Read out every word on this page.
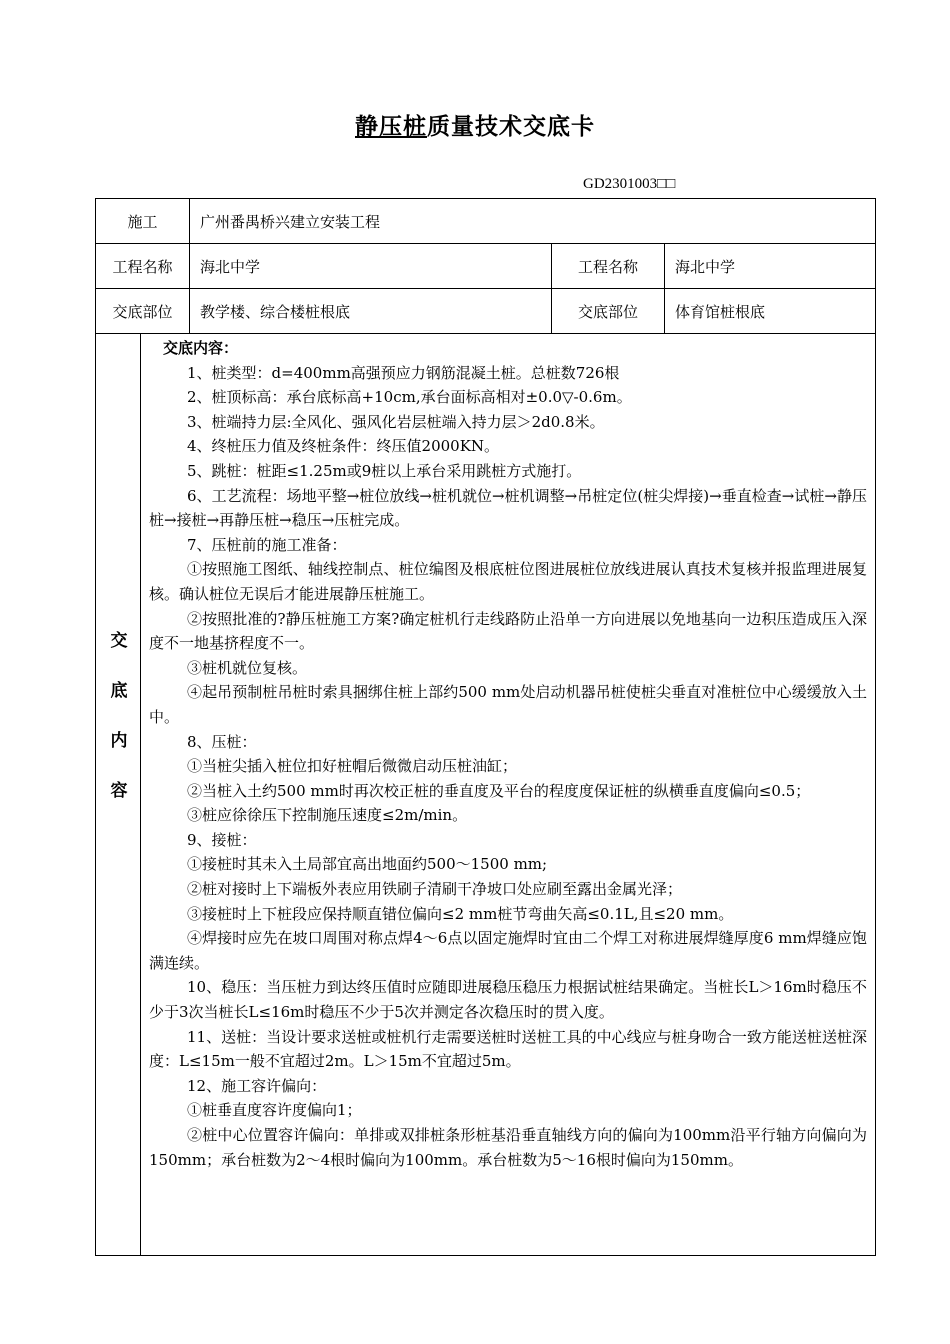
静压桩质量技术交底卡
GD2301003□□
施工	广州番禺桥兴建立安装工程
工程名称	海北中学	工程名称	海北中学
交底部位	教学楼、综合楼桩根底	交底部位	体育馆桩根底
交
底
内
容

交底内容：

1、桩类型：d=400mm高强预应力钢筋混凝土桩。总桩数726根

2、桩顶标高：承台底标高+10cm,承台面标高相对±0.0▽-0.6m。

3、桩端持力层:全风化、强风化岩层桩端入持力层＞2d0.8米。

4、终桩压力值及终桩条件：终压值2000KN。

5、跳桩：桩距≤1.25m或9桩以上承台采用跳桩方式施打。

6、工艺流程：场地平整→桩位放线→桩机就位→桩机调整→吊桩定位(桩尖焊接)→垂直检查→试桩→静压桩→接桩→再静压桩→稳压→压桩完成。

7、压桩前的施工准备：

①按照施工图纸、轴线控制点、桩位编图及根底桩位图进展桩位放线进展认真技术复核并报监理进展复核。确认桩位无误后才能进展静压桩施工。

②按照批准的?静压桩施工方案?确定桩机行走线路防止沿单一方向进展以免地基向一边积压造成压入深度不一地基挤程度不一。

③桩机就位复核。

④起吊预制桩吊桩时索具捆绑住桩上部约500 mm处启动机器吊桩使桩尖垂直对准桩位中心缓缓放入土中。

8、压桩：

①当桩尖插入桩位扣好桩帽后微微启动压桩油缸；

②当桩入土约500 mm时再次校正桩的垂直度及平台的程度度保证桩的纵横垂直度偏向≤0.5；

③桩应徐徐压下控制施压速度≤2m/min。

9、接桩：

①接桩时其未入土局部宜高出地面约500～1500 mm;

②桩对接时上下端板外表应用铁刷子清刷干净坡口处应刷至露出金属光泽；

③接桩时上下桩段应保持顺直错位偏向≤2 mm桩节弯曲矢高≤0.1L,且≤20 mm。

④焊接时应先在坡口周围对称点焊4～6点以固定施焊时宜由二个焊工对称进展焊缝厚度6 mm焊缝应饱满连续。

10、稳压：当压桩力到达终压值时应随即进展稳压稳压力根据试桩结果确定。当桩长L＞16m时稳压不少于3次当桩长L≤16m时稳压不少于5次并测定各次稳压时的贯入度。

11、送桩：当设计要求送桩或桩机行走需要送桩时送桩工具的中心线应与桩身吻合一致方能送桩送桩深度：L≤15m一般不宜超过2m。L＞15m不宜超过5m。

12、施工容许偏向：

①桩垂直度容许度偏向1；

②桩中心位置容许偏向：单排或双排桩条形桩基沿垂直轴线方向的偏向为100mm沿平行轴方向偏向为150mm；承台桩数为2～4根时偏向为100mm。承台桩数为5～16根时偏向为150mm。
